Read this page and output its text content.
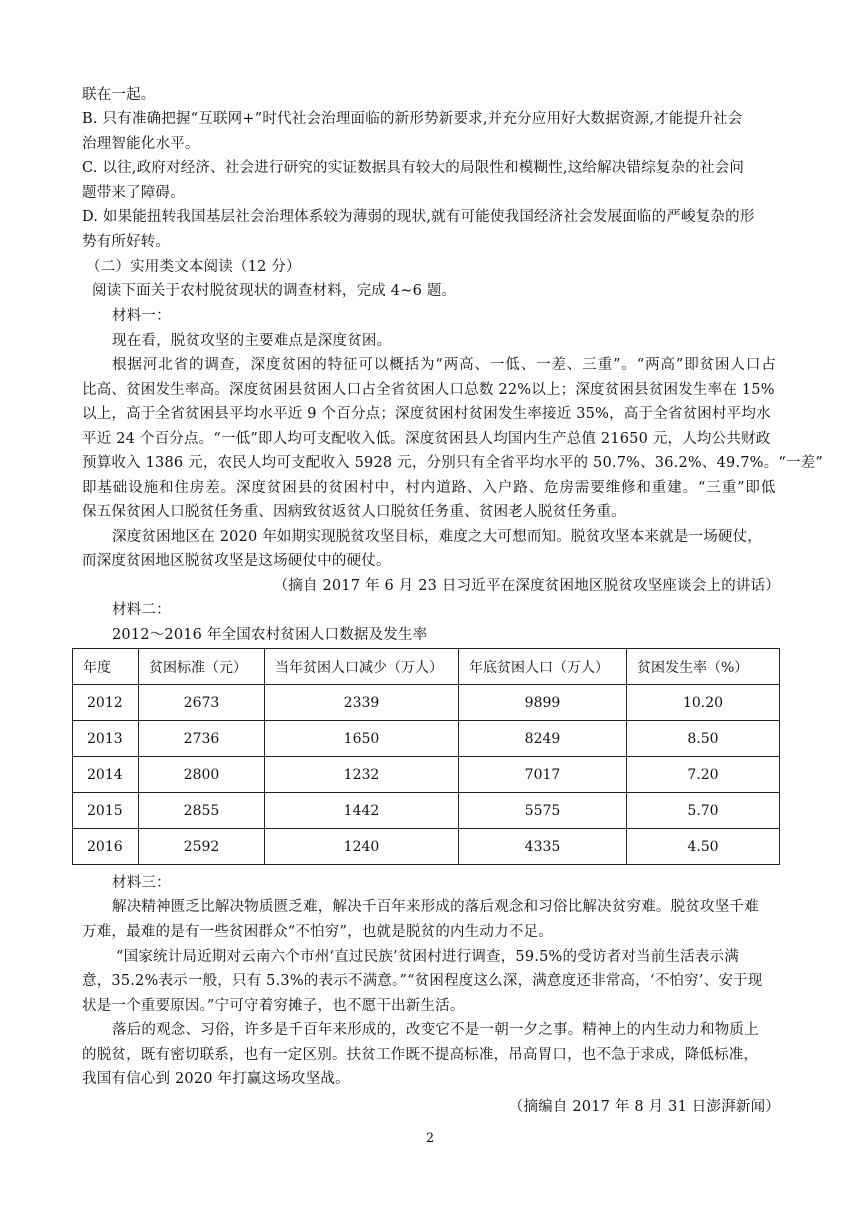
联在一起。
B. 只有准确把握“互联网+”时代社会治理面临的新形势新要求,并充分应用好大数据资源,才能提升社会
治理智能化水平。
C. 以往,政府对经济、社会进行研究的实证数据具有较大的局限性和模糊性,这给解决错综复杂的社会问
题带来了障碍。
D. 如果能扭转我国基层社会治理体系较为薄弱的现状,就有可能使我国经济社会发展面临的严峻复杂的形
势有所好转。
（二）实用类文本阅读（12 分）
阅读下面关于农村脱贫现状的调查材料，完成 4~6 题。
材料一：
现在看，脱贫攻坚的主要难点是深度贫困。
根据河北省的调查，深度贫困的特征可以概括为“两高、一低、一差、三重”。“两高”即贫困人口占
比高、贫困发生率高。深度贫困县贫困人口占全省贫困人口总数 22%以上；深度贫困县贫困发生率在 15%
以上，高于全省贫困县平均水平近 9 个百分点；深度贫困村贫困发生率接近 35%，高于全省贫困村平均水
平近 24 个百分点。“一低”即人均可支配收入低。深度贫困县人均国内生产总值 21650 元，人均公共财政
预算收入 1386 元，农民人均可支配收入 5928 元，分别只有全省平均水平的 50.7%、36.2%、49.7%。“一差”
即基础设施和住房差。深度贫困县的贫困村中，村内道路、入户路、危房需要维修和重建。“三重”即低
保五保贫困人口脱贫任务重、因病致贫返贫人口脱贫任务重、贫困老人脱贫任务重。
深度贫困地区在 2020 年如期实现脱贫攻坚目标，难度之大可想而知。脱贫攻坚本来就是一场硬仗，
而深度贫困地区脱贫攻坚是这场硬仗中的硬仗。
（摘自 2017 年 6 月 23 日习近平在深度贫困地区脱贫攻坚座谈会上的讲话）
材料二：
2012～2016 年全国农村贫困人口数据及发生率
年度	贫困标准（元）	当年贫困人口减少（万人）	年底贫困人口（万人）	贫困发生率（%）
2012	2673	2339	9899	10.20
2013	2736	1650	8249	8.50
2014	2800	1232	7017	7.20
2015	2855	1442	5575	5.70
2016	2592	1240	4335	4.50
材料三：
解决精神匮乏比解决物质匮乏难，解决千百年来形成的落后观念和习俗比解决贫穷难。脱贫攻坚千难
万难，最难的是有一些贫困群众“不怕穷”，也就是脱贫的内生动力不足。
“国家统计局近期对云南六个市州‘直过民族’贫困村进行调查，59.5%的受访者对当前生活表示满
意，35.2%表示一般，只有 5.3%的表示不满意。”“贫困程度这么深，满意度还非常高，‘不怕穷’、安于现
状是一个重要原因。”宁可守着穷摊子，也不愿干出新生活。
落后的观念、习俗，许多是千百年来形成的，改变它不是一朝一夕之事。精神上的内生动力和物质上
的脱贫，既有密切联系，也有一定区别。扶贫工作既不提高标准，吊高胃口，也不急于求成，降低标准，
我国有信心到 2020 年打赢这场攻坚战。
（摘编自 2017 年 8 月 31 日澎湃新闻）
2
